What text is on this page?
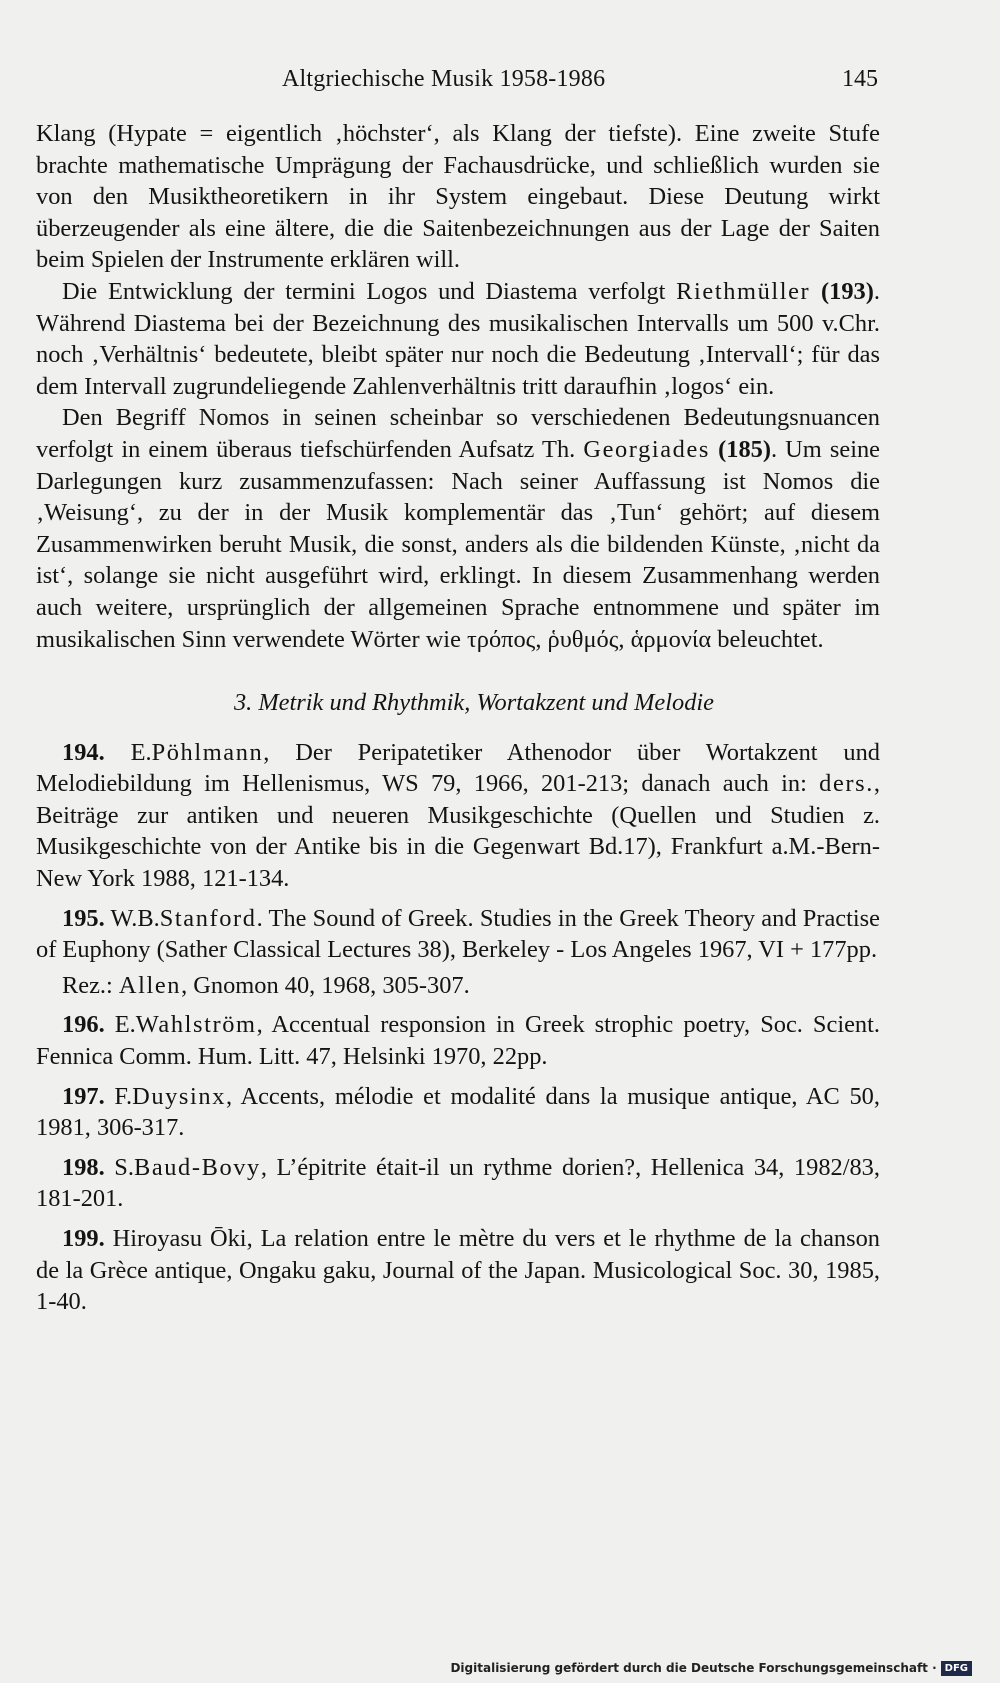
Altgriechische Musik 1958-1986	145

Klang (Hypate = eigentlich ‚höchster‘, als Klang der tiefste). Eine zweite Stufe brachte mathematische Umprägung der Fachausdrücke, und schließlich wurden sie von den Musiktheoretikern in ihr System eingebaut. Diese Deutung wirkt überzeugender als eine ältere, die die Saitenbezeichnungen aus der Lage der Saiten beim Spielen der Instrumente erklären will.

Die Entwicklung der termini Logos und Diastema verfolgt Riethmüller (193). Während Diastema bei der Bezeichnung des musikalischen Intervalls um 500 v.Chr. noch ‚Verhältnis‘ bedeutete, bleibt später nur noch die Bedeutung ‚Intervall‘; für das dem Intervall zugrundeliegende Zahlenverhältnis tritt daraufhin ‚logos‘ ein.

Den Begriff Nomos in seinen scheinbar so verschiedenen Bedeutungsnuancen verfolgt in einem überaus tiefschürfenden Aufsatz Th. Georgiades (185). Um seine Darlegungen kurz zusammenzufassen: Nach seiner Auffassung ist Nomos die ‚Weisung‘, zu der in der Musik komplementär das ‚Tun‘ gehört; auf diesem Zusammenwirken beruht Musik, die sonst, anders als die bildenden Künste, ‚nicht da ist‘, solange sie nicht ausgeführt wird, erklingt. In diesem Zusammenhang werden auch weitere, ursprünglich der allgemeinen Sprache entnommene und später im musikalischen Sinn verwendete Wörter wie τρόπος, ῥυθμός, ἁρμονία beleuchtet.

3. Metrik und Rhythmik, Wortakzent und Melodie

194. E.Pöhlmann, Der Peripatetiker Athenodor über Wortakzent und Melodiebildung im Hellenismus, WS 79, 1966, 201-213; danach auch in: ders., Beiträge zur antiken und neueren Musikgeschichte (Quellen und Studien z. Musikgeschichte von der Antike bis in die Gegenwart Bd.17), Frankfurt a.M.-Bern-New York 1988, 121-134.

195. W.B.Stanford. The Sound of Greek. Studies in the Greek Theory and Practise of Euphony (Sather Classical Lectures 38), Berkeley - Los Angeles 1967, VI + 177pp.

Rez.: Allen, Gnomon 40, 1968, 305-307.

196. E.Wahlström, Accentual responsion in Greek strophic poetry, Soc. Scient. Fennica Comm. Hum. Litt. 47, Helsinki 1970, 22pp.

197. F.Duysinx, Accents, mélodie et modalité dans la musique antique, AC 50, 1981, 306-317.

198. S.Baud-Bovy, L’épitrite était-il un rythme dorien?, Hellenica 34, 1982/83, 181-201.

199. Hiroyasu Ōki, La relation entre le mètre du vers et le rhythme de la chanson de la Grèce antique, Ongaku gaku, Journal of the Japan. Musicological Soc. 30, 1985, 1-40.

Digitalisierung gefördert durch die Deutsche Forschungsgemeinschaft · DFG
